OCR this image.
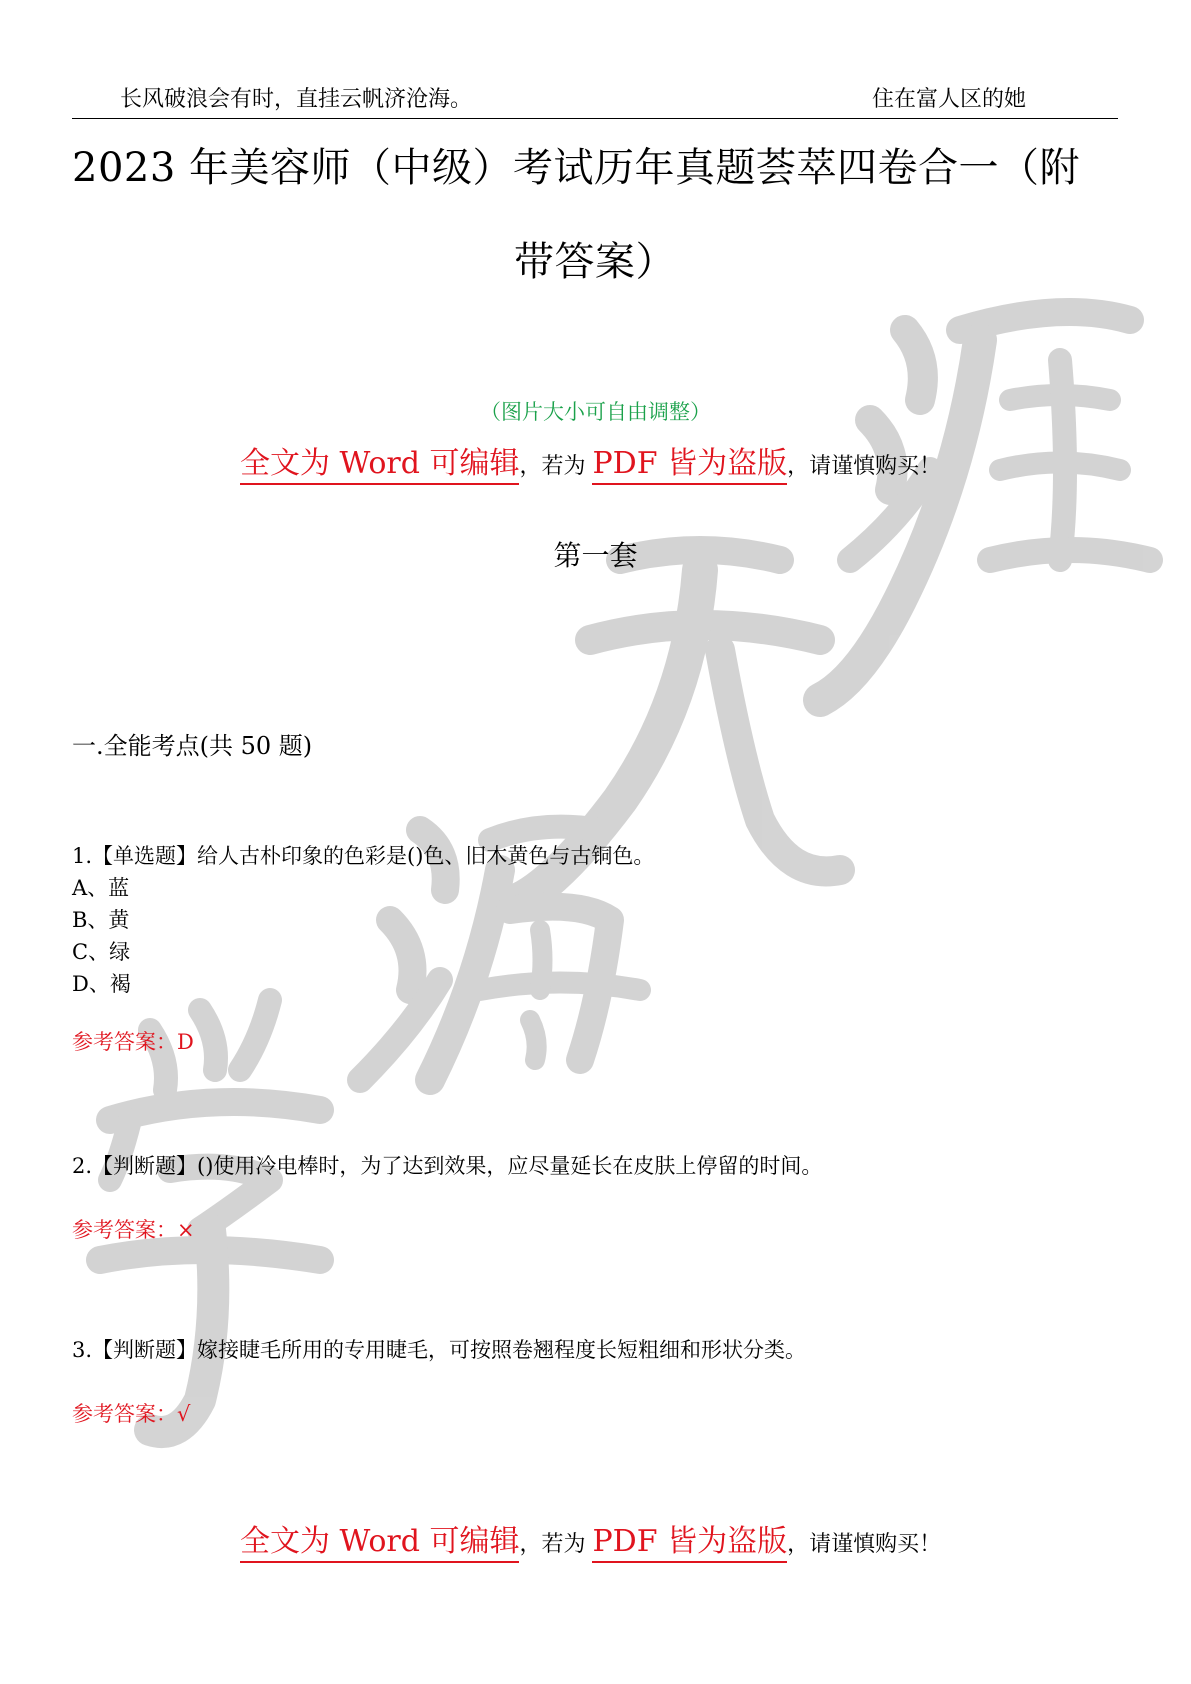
长风破浪会有时，直挂云帆济沧海。	住在富人区的她
2023 年美容师（中级）考试历年真题荟萃四卷合一（附
带答案）
（图片大小可自由调整）
全文为 Word 可编辑，若为 PDF 皆为盗版，请谨慎购买！
第一套
一.全能考点(共 50 题)
1.【单选题】给人古朴印象的色彩是()色、旧木黄色与古铜色。
A、蓝
B、黄
C、绿
D、褐
参考答案：D
2.【判断题】()使用冷电棒时，为了达到效果，应尽量延长在皮肤上停留的时间。
参考答案：×
3.【判断题】嫁接睫毛所用的专用睫毛，可按照卷翘程度长短粗细和形状分类。
参考答案：√
全文为 Word 可编辑，若为 PDF 皆为盗版，请谨慎购买！
